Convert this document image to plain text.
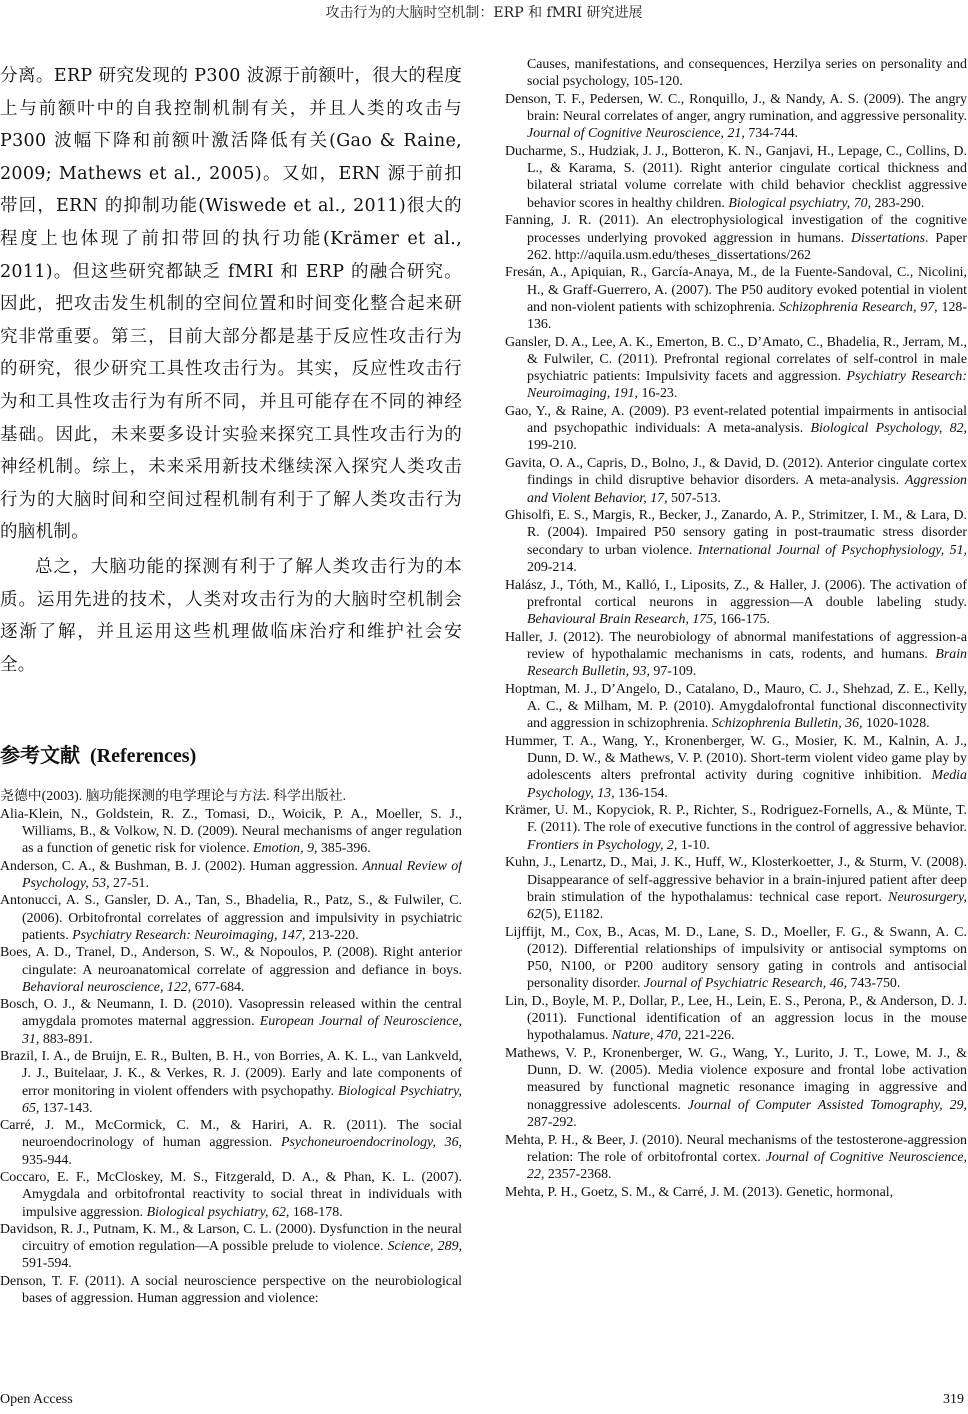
攻击行为的大脑时空机制：ERP 和 fMRI 研究进展

分离。ERP 研究发现的 P300 波源于前额叶，很大的程度上与前额叶中的自我控制机制有关，并且人类的攻击与 P300 波幅下降和前额叶激活降低有关(Gao & Raine, 2009; Mathews et al., 2005)。又如，ERN 源于前扣带回，ERN 的抑制功能(Wiswede et al., 2011)很大的程度上也体现了前扣带回的执行功能(Krämer et al., 2011)。但这些研究都缺乏 fMRI 和 ERP 的融合研究。因此，把攻击发生机制的空间位置和时间变化整合起来研究非常重要。第三，目前大部分都是基于反应性攻击行为的研究，很少研究工具性攻击行为。其实，反应性攻击行为和工具性攻击行为有所不同，并且可能存在不同的神经基础。因此，未来要多设计实验来探究工具性攻击行为的神经机制。综上，未来采用新技术继续深入探究人类攻击行为的大脑时间和空间过程机制有利于了解人类攻击行为的脑机制。

总之，大脑功能的探测有利于了解人类攻击行为的本质。运用先进的技术，人类对攻击行为的大脑时空机制会逐渐了解，并且运用这些机理做临床治疗和维护社会安全。

参考文献 (References)

尧德中(2003). 脑功能探测的电学理论与方法. 科学出版社.

Alia-Klein, N., Goldstein, R. Z., Tomasi, D., Woicik, P. A., Moeller, S. J., Williams, B., & Volkow, N. D. (2009). Neural mechanisms of anger regulation as a function of genetic risk for violence. Emotion, 9, 385-396.

Anderson, C. A., & Bushman, B. J. (2002). Human aggression. Annual Review of Psychology, 53, 27-51.

Antonucci, A. S., Gansler, D. A., Tan, S., Bhadelia, R., Patz, S., & Fulwiler, C. (2006). Orbitofrontal correlates of aggression and impulsivity in psychiatric patients. Psychiatry Research: Neuroimaging, 147, 213-220.

Boes, A. D., Tranel, D., Anderson, S. W., & Nopoulos, P. (2008). Right anterior cingulate: A neuroanatomical correlate of aggression and defiance in boys. Behavioral neuroscience, 122, 677-684.

Bosch, O. J., & Neumann, I. D. (2010). Vasopressin released within the central amygdala promotes maternal aggression. European Journal of Neuroscience, 31, 883-891.

Brazil, I. A., de Bruijn, E. R., Bulten, B. H., von Borries, A. K. L., van Lankveld, J. J., Buitelaar, J. K., & Verkes, R. J. (2009). Early and late components of error monitoring in violent offenders with psychopathy. Biological Psychiatry, 65, 137-143.

Carré, J. M., McCormick, C. M., & Hariri, A. R. (2011). The social neuroendocrinology of human aggression. Psychoneuroendocrinology, 36, 935-944.

Coccaro, E. F., McCloskey, M. S., Fitzgerald, D. A., & Phan, K. L. (2007). Amygdala and orbitofrontal reactivity to social threat in individuals with impulsive aggression. Biological psychiatry, 62, 168-178.

Davidson, R. J., Putnam, K. M., & Larson, C. L. (2000). Dysfunction in the neural circuitry of emotion regulation—A possible prelude to violence. Science, 289, 591-594.

Denson, T. F. (2011). A social neuroscience perspective on the neurobiological bases of aggression. Human aggression and violence:

Causes, manifestations, and consequences, Herzilya series on personality and social psychology, 105-120.

Denson, T. F., Pedersen, W. C., Ronquillo, J., & Nandy, A. S. (2009). The angry brain: Neural correlates of anger, angry rumination, and aggressive personality. Journal of Cognitive Neuroscience, 21, 734-744.

Ducharme, S., Hudziak, J. J., Botteron, K. N., Ganjavi, H., Lepage, C., Collins, D. L., & Karama, S. (2011). Right anterior cingulate cortical thickness and bilateral striatal volume correlate with child behavior checklist aggressive behavior scores in healthy children. Biological psychiatry, 70, 283-290.

Fanning, J. R. (2011). An electrophysiological investigation of the cognitive processes underlying provoked aggression in humans. Dissertations. Paper 262. http://aquila.usm.edu/theses_dissertations/262

Fresán, A., Apiquian, R., García-Anaya, M., de la Fuente-Sandoval, C., Nicolini, H., & Graff-Guerrero, A. (2007). The P50 auditory evoked potential in violent and non-violent patients with schizophrenia. Schizophrenia Research, 97, 128-136.

Gansler, D. A., Lee, A. K., Emerton, B. C., D’Amato, C., Bhadelia, R., Jerram, M., & Fulwiler, C. (2011). Prefrontal regional correlates of self-control in male psychiatric patients: Impulsivity facets and aggression. Psychiatry Research: Neuroimaging, 191, 16-23.

Gao, Y., & Raine, A. (2009). P3 event-related potential impairments in antisocial and psychopathic individuals: A meta-analysis. Biological Psychology, 82, 199-210.

Gavita, O. A., Capris, D., Bolno, J., & David, D. (2012). Anterior cingulate cortex findings in child disruptive behavior disorders. A meta-analysis. Aggression and Violent Behavior, 17, 507-513.

Ghisolfi, E. S., Margis, R., Becker, J., Zanardo, A. P., Strimitzer, I. M., & Lara, D. R. (2004). Impaired P50 sensory gating in post-traumatic stress disorder secondary to urban violence. International Journal of Psychophysiology, 51, 209-214.

Halász, J., Tóth, M., Kalló, I., Liposits, Z., & Haller, J. (2006). The activation of prefrontal cortical neurons in aggression—A double labeling study. Behavioural Brain Research, 175, 166-175.

Haller, J. (2012). The neurobiology of abnormal manifestations of aggression-a review of hypothalamic mechanisms in cats, rodents, and humans. Brain Research Bulletin, 93, 97-109.

Hoptman, M. J., D’Angelo, D., Catalano, D., Mauro, C. J., Shehzad, Z. E., Kelly, A. C., & Milham, M. P. (2010). Amygdalofrontal functional disconnectivity and aggression in schizophrenia. Schizophrenia Bulletin, 36, 1020-1028.

Hummer, T. A., Wang, Y., Kronenberger, W. G., Mosier, K. M., Kalnin, A. J., Dunn, D. W., & Mathews, V. P. (2010). Short-term violent video game play by adolescents alters prefrontal activity during cognitive inhibition. Media Psychology, 13, 136-154.

Krämer, U. M., Kopyciok, R. P., Richter, S., Rodriguez-Fornells, A., & Münte, T. F. (2011). The role of executive functions in the control of aggressive behavior. Frontiers in Psychology, 2, 1-10.

Kuhn, J., Lenartz, D., Mai, J. K., Huff, W., Klosterkoetter, J., & Sturm, V. (2008). Disappearance of self-aggressive behavior in a brain-injured patient after deep brain stimulation of the hypothalamus: technical case report. Neurosurgery, 62(5), E1182.

Lijffijt, M., Cox, B., Acas, M. D., Lane, S. D., Moeller, F. G., & Swann, A. C. (2012). Differential relationships of impulsivity or antisocial symptoms on P50, N100, or P200 auditory sensory gating in controls and antisocial personality disorder. Journal of Psychiatric Research, 46, 743-750.

Lin, D., Boyle, M. P., Dollar, P., Lee, H., Lein, E. S., Perona, P., & Anderson, D. J. (2011). Functional identification of an aggression locus in the mouse hypothalamus. Nature, 470, 221-226.

Mathews, V. P., Kronenberger, W. G., Wang, Y., Lurito, J. T., Lowe, M. J., & Dunn, D. W. (2005). Media violence exposure and frontal lobe activation measured by functional magnetic resonance imaging in aggressive and nonaggressive adolescents. Journal of Computer Assisted Tomography, 29, 287-292.

Mehta, P. H., & Beer, J. (2010). Neural mechanisms of the testosterone-aggression relation: The role of orbitofrontal cortex. Journal of Cognitive Neuroscience, 22, 2357-2368.

Mehta, P. H., Goetz, S. M., & Carré, J. M. (2013). Genetic, hormonal,

Open Access	319
